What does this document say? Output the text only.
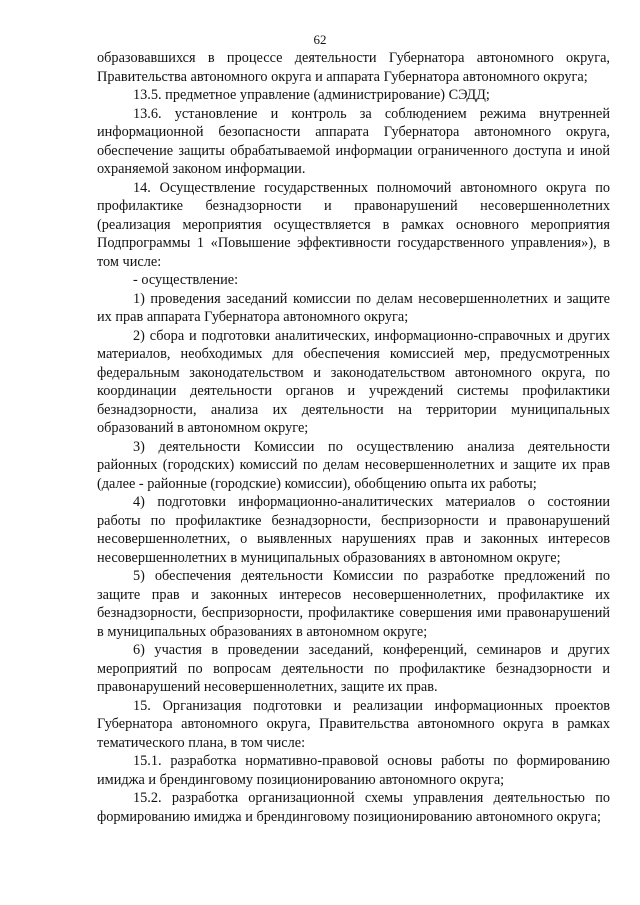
62

образовавшихся в процессе деятельности Губернатора автономного округа, Правительства автономного округа и аппарата Губернатора автономного округа;

13.5. предметное управление (администрирование) СЭДД;

13.6. установление и контроль за соблюдением режима внутренней информационной безопасности аппарата Губернатора автономного округа, обеспечение защиты обрабатываемой информации ограниченного доступа и иной охраняемой законом информации.

14. Осуществление государственных полномочий автономного округа по профилактике безнадзорности и правонарушений несовершеннолетних (реализация мероприятия осуществляется в рамках основного мероприятия Подпрограммы 1 «Повышение эффективности государственного управления»), в том числе:

- осуществление:

1) проведения заседаний комиссии по делам несовершеннолетних и защите их прав аппарата Губернатора автономного округа;

2) сбора и подготовки аналитических, информационно-справочных и других материалов, необходимых для обеспечения комиссией мер, предусмотренных федеральным законодательством и законодательством автономного округа, по координации деятельности органов и учреждений системы профилактики безнадзорности, анализа их деятельности на территории муниципальных образований в автономном округе;

3) деятельности Комиссии по осуществлению анализа деятельности районных (городских) комиссий по делам несовершеннолетних и защите их прав (далее - районные (городские) комиссии), обобщению опыта их работы;

4) подготовки информационно-аналитических материалов о состоянии работы по профилактике безнадзорности, беспризорности и правонарушений несовершеннолетних, о выявленных нарушениях прав и законных интересов несовершеннолетних в муниципальных образованиях в автономном округе;

5) обеспечения деятельности Комиссии по разработке предложений по защите прав и законных интересов несовершеннолетних, профилактике их безнадзорности, беспризорности, профилактике совершения ими правонарушений в муниципальных образованиях в автономном округе;

6) участия в проведении заседаний, конференций, семинаров и других мероприятий по вопросам деятельности по профилактике безнадзорности и правонарушений несовершеннолетних, защите их прав.

15. Организация подготовки и реализации информационных проектов Губернатора автономного округа, Правительства автономного округа в рамках тематического плана, в том числе:

15.1. разработка нормативно-правовой основы работы по формированию имиджа и брендинговому позиционированию автономного округа;

15.2. разработка организационной схемы управления деятельностью по формированию имиджа и брендинговому позиционированию автономного округа;
